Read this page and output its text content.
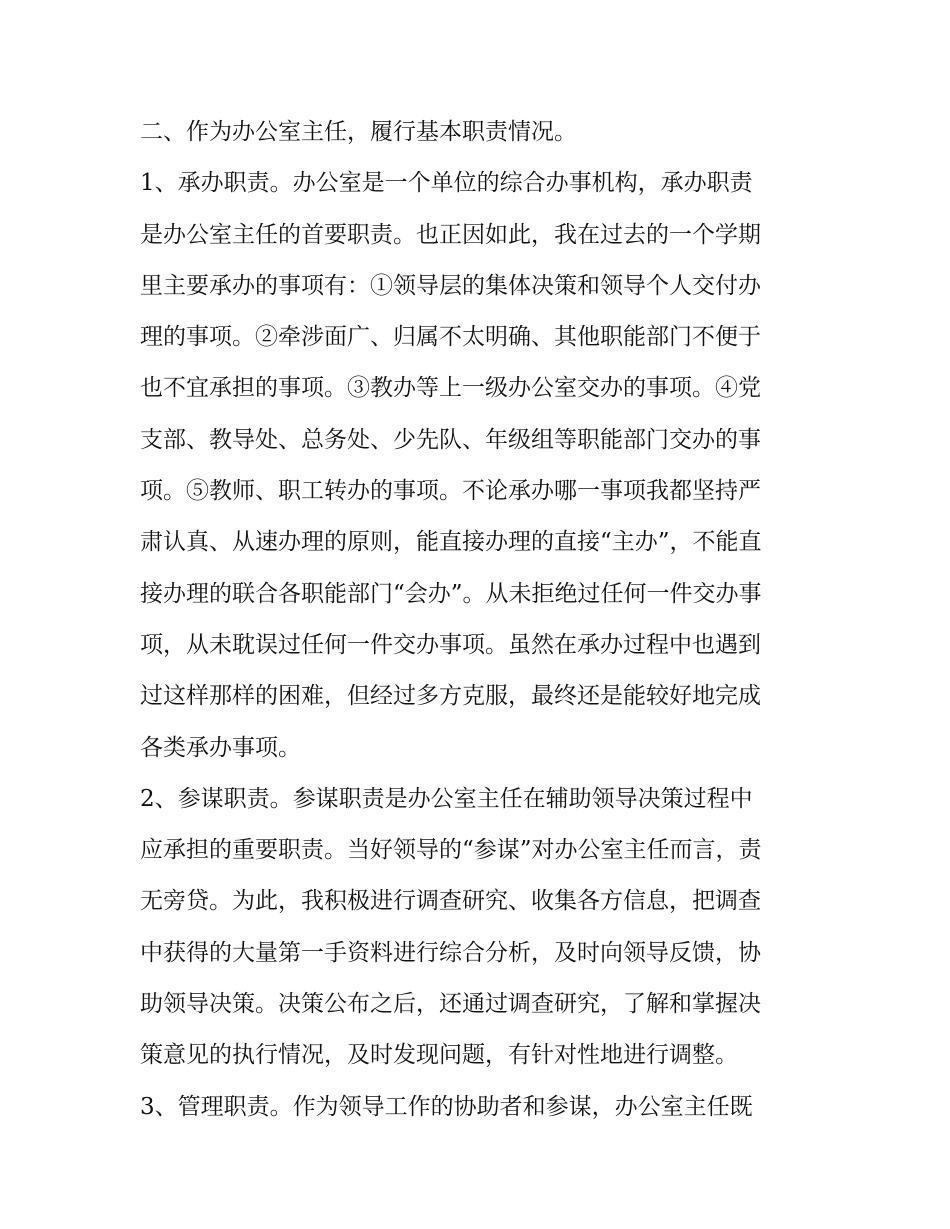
二、作为办公室主任，履行基本职责情况。
1、承办职责。办公室是一个单位的综合办事机构，承办职责
是办公室主任的首要职责。也正因如此，我在过去的一个学期
里主要承办的事项有：①领导层的集体决策和领导个人交付办
理的事项。②牵涉面广、归属不太明确、其他职能部门不便于
也不宜承担的事项。③教办等上一级办公室交办的事项。④党
支部、教导处、总务处、少先队、年级组等职能部门交办的事
项。⑤教师、职工转办的事项。不论承办哪一事项我都坚持严
肃认真、从速办理的原则，能直接办理的直接“主办”，不能直
接办理的联合各职能部门“会办”。从未拒绝过任何一件交办事
项，从未耽误过任何一件交办事项。虽然在承办过程中也遇到
过这样那样的困难，但经过多方克服，最终还是能较好地完成
各类承办事项。
2、参谋职责。参谋职责是办公室主任在辅助领导决策过程中
应承担的重要职责。当好领导的“参谋”对办公室主任而言，责
无旁贷。为此，我积极进行调查研究、收集各方信息，把调查
中获得的大量第一手资料进行综合分析，及时向领导反馈，协
助领导决策。决策公布之后，还通过调查研究，了解和掌握决
策意见的执行情况，及时发现问题，有针对性地进行调整。
3、管理职责。作为领导工作的协助者和参谋，办公室主任既
